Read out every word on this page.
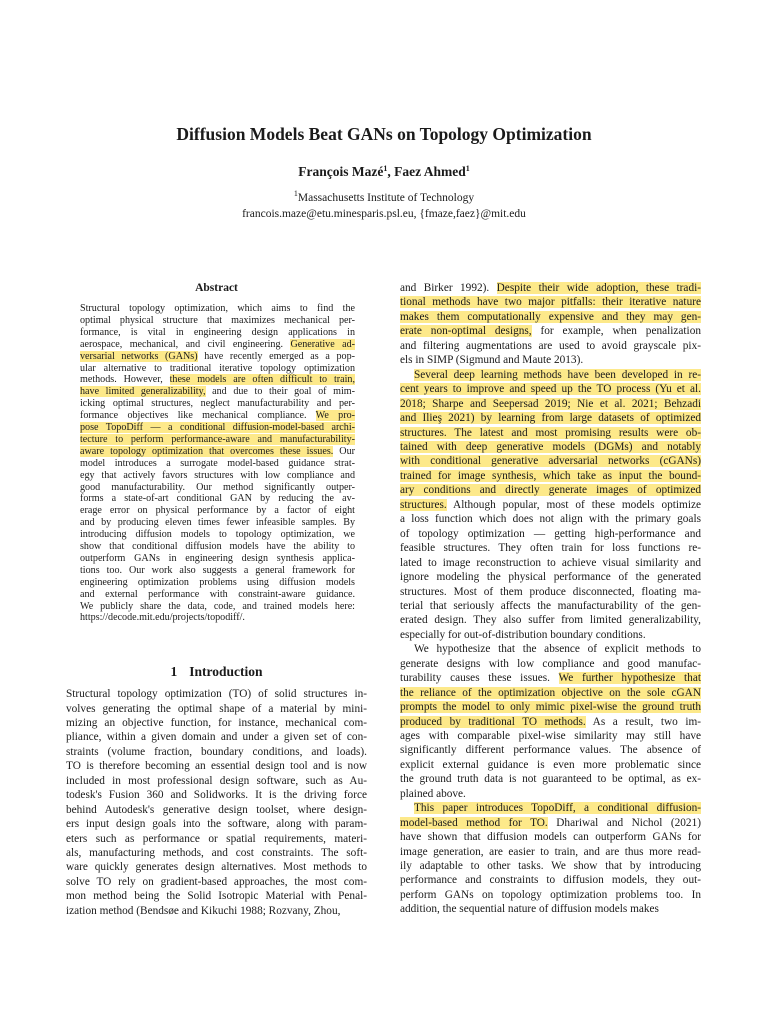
Diffusion Models Beat GANs on Topology Optimization
François Mazé$^1$, Faez Ahmed$^1$
$^1$Massachusetts Institute of Technology
francois.maze@etu.minesparis.psl.eu, {fmaze,faez}@mit.edu
Abstract
Structural topology optimization, which aims to find the
optimal physical structure that maximizes mechanical per-
formance, is vital in engineering design applications in
aerospace, mechanical, and civil engineering. Generative ad-
versarial networks (GANs) have recently emerged as a pop-
ular alternative to traditional iterative topology optimization
methods. However, these models are often difficult to train,
have limited generalizability, and due to their goal of mim-
icking optimal structures, neglect manufacturability and per-
formance objectives like mechanical compliance. We pro-
pose TopoDiff — a conditional diffusion-model-based archi-
tecture to perform performance-aware and manufacturability-
aware topology optimization that overcomes these issues. Our
model introduces a surrogate model-based guidance strat-
egy that actively favors structures with low compliance and
good manufacturability. Our method significantly outper-
forms a state-of-art conditional GAN by reducing the av-
erage error on physical performance by a factor of eight
and by producing eleven times fewer infeasible samples. By
introducing diffusion models to topology optimization, we
show that conditional diffusion models have the ability to
outperform GANs in engineering design synthesis applica-
tions too. Our work also suggests a general framework for
engineering optimization problems using diffusion models
and external performance with constraint-aware guidance.
We publicly share the data, code, and trained models here:
https://decode.mit.edu/projects/topodiff/.
1 Introduction
Structural topology optimization (TO) of solid structures in-
volves generating the optimal shape of a material by mini-
mizing an objective function, for instance, mechanical com-
pliance, within a given domain and under a given set of con-
straints (volume fraction, boundary conditions, and loads).
TO is therefore becoming an essential design tool and is now
included in most professional design software, such as Au-
todesk's Fusion 360 and Solidworks. It is the driving force
behind Autodesk's generative design toolset, where design-
ers input design goals into the software, along with param-
eters such as performance or spatial requirements, materi-
als, manufacturing methods, and cost constraints. The soft-
ware quickly generates design alternatives. Most methods to
solve TO rely on gradient-based approaches, the most com-
mon method being the Solid Isotropic Material with Penal-
ization method (Bendsøe and Kikuchi 1988; Rozvany, Zhou,
and Birker 1992). Despite their wide adoption, these tradi-
tional methods have two major pitfalls: their iterative nature
makes them computationally expensive and they may gen-
erate non-optimal designs, for example, when penalization
and filtering augmentations are used to avoid grayscale pix-
els in SIMP (Sigmund and Maute 2013).
Several deep learning methods have been developed in re-
cent years to improve and speed up the TO process (Yu et al.
2018; Sharpe and Seepersad 2019; Nie et al. 2021; Behzadi
and Ilieş 2021) by learning from large datasets of optimized
structures. The latest and most promising results were ob-
tained with deep generative models (DGMs) and notably
with conditional generative adversarial networks (cGANs)
trained for image synthesis, which take as input the bound-
ary conditions and directly generate images of optimized
structures. Although popular, most of these models optimize
a loss function which does not align with the primary goals
of topology optimization — getting high-performance and
feasible structures. They often train for loss functions re-
lated to image reconstruction to achieve visual similarity and
ignore modeling the physical performance of the generated
structures. Most of them produce disconnected, floating ma-
terial that seriously affects the manufacturability of the gen-
erated design. They also suffer from limited generalizability,
especially for out-of-distribution boundary conditions.
We hypothesize that the absence of explicit methods to
generate designs with low compliance and good manufac-
turability causes these issues. We further hypothesize that
the reliance of the optimization objective on the sole cGAN
prompts the model to only mimic pixel-wise the ground truth
produced by traditional TO methods. As a result, two im-
ages with comparable pixel-wise similarity may still have
significantly different performance values. The absence of
explicit external guidance is even more problematic since
the ground truth data is not guaranteed to be optimal, as ex-
plained above.
This paper introduces TopoDiff, a conditional diffusion-
model-based method for TO. Dhariwal and Nichol (2021)
have shown that diffusion models can outperform GANs for
image generation, are easier to train, and are thus more read-
ily adaptable to other tasks. We show that by introducing
performance and constraints to diffusion models, they out-
perform GANs on topology optimization problems too. In
addition, the sequential nature of diffusion models makes
